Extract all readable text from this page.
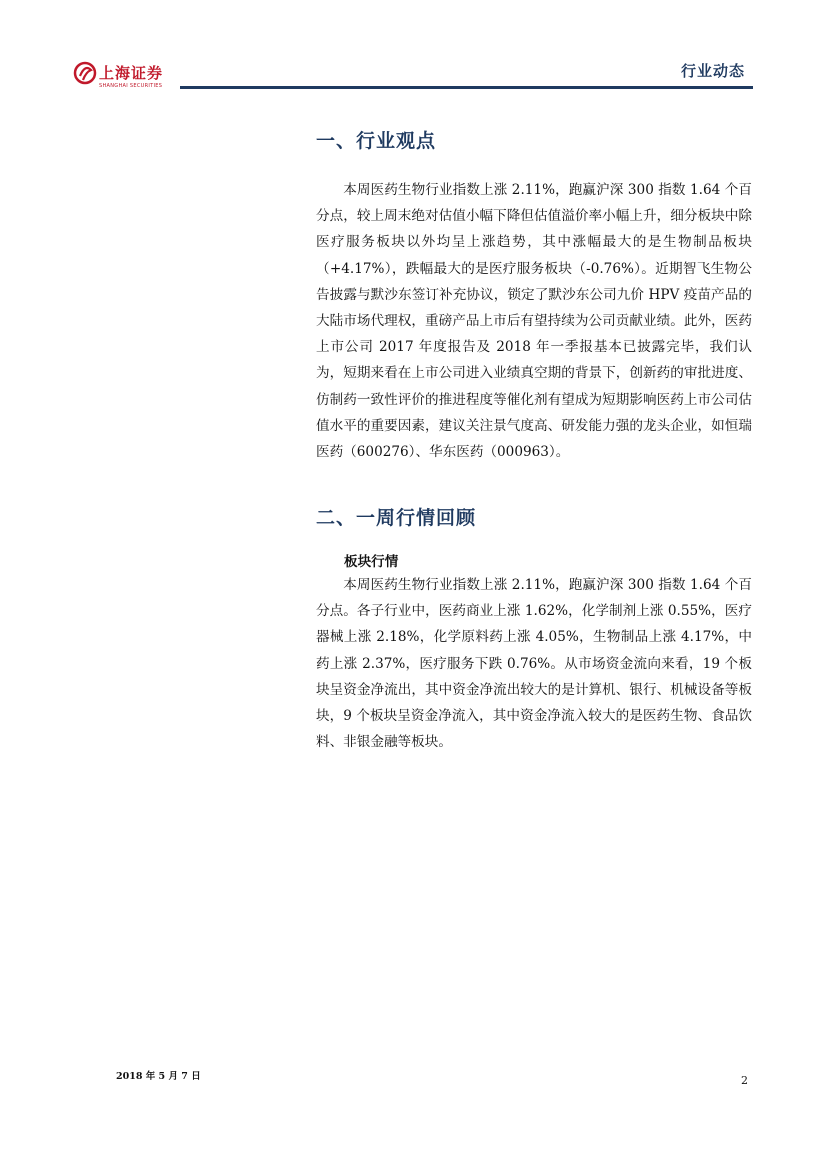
上海证券
SHANGHAI SECURITIES
行业动态
一、行业观点

本周医药生物行业指数上涨 2.11%，跑赢沪深 300 指数 1.64 个百分点，较上周末绝对估值小幅下降但估值溢价率小幅上升，细分板块中除医疗服务板块以外均呈上涨趋势，其中涨幅最大的是生物制品板块（+4.17%），跌幅最大的是医疗服务板块（-0.76%）。近期智飞生物公告披露与默沙东签订补充协议，锁定了默沙东公司九价 HPV 疫苗产品的大陆市场代理权，重磅产品上市后有望持续为公司贡献业绩。此外，医药上市公司 2017 年度报告及 2018 年一季报基本已披露完毕，我们认为，短期来看在上市公司进入业绩真空期的背景下，创新药的审批进度、仿制药一致性评价的推进程度等催化剂有望成为短期影响医药上市公司估值水平的重要因素，建议关注景气度高、研发能力强的龙头企业，如恒瑞医药（600276）、华东医药（000963）。

二、一周行情回顾
板块行情

本周医药生物行业指数上涨 2.11%，跑赢沪深 300 指数 1.64 个百分点。各子行业中，医药商业上涨 1.62%，化学制剂上涨 0.55%，医疗器械上涨 2.18%，化学原料药上涨 4.05%，生物制品上涨 4.17%，中药上涨 2.37%，医疗服务下跌 0.76%。从市场资金流向来看，19 个板块呈资金净流出，其中资金净流出较大的是计算机、银行、机械设备等板块，9 个板块呈资金净流入，其中资金净流入较大的是医药生物、食品饮料、非银金融等板块。

2018 年 5 月 7 日	2
